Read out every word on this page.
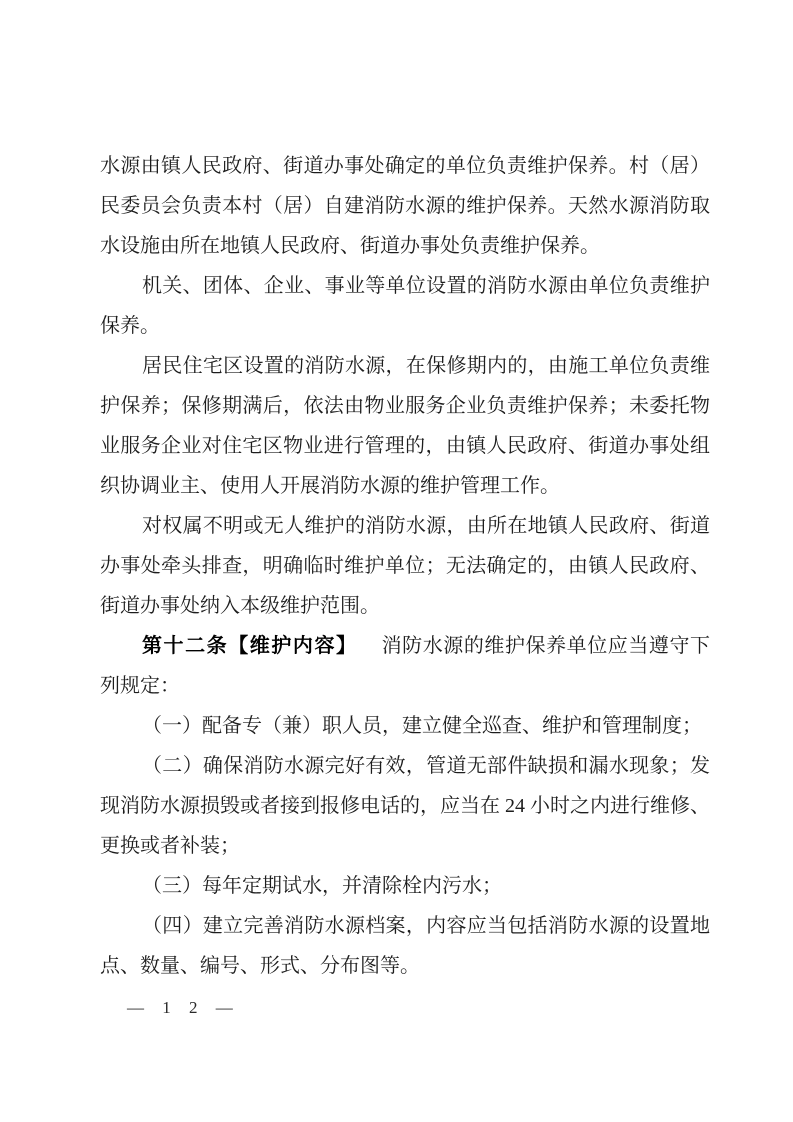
水源由镇人民政府、街道办事处确定的单位负责维护保养。村（居）民委员会负责本村（居）自建消防水源的维护保养。天然水源消防取水设施由所在地镇人民政府、街道办事处负责维护保养。

机关、团体、企业、事业等单位设置的消防水源由单位负责维护保养。

居民住宅区设置的消防水源，在保修期内的，由施工单位负责维护保养；保修期满后，依法由物业服务企业负责维护保养；未委托物业服务企业对住宅区物业进行管理的，由镇人民政府、街道办事处组织协调业主、使用人开展消防水源的维护管理工作。

对权属不明或无人维护的消防水源，由所在地镇人民政府、街道办事处牵头排查，明确临时维护单位；无法确定的，由镇人民政府、街道办事处纳入本级维护范围。

第十二条【维护内容】 消防水源的维护保养单位应当遵守下列规定：

（一）配备专（兼）职人员，建立健全巡查、维护和管理制度；

（二）确保消防水源完好有效，管道无部件缺损和漏水现象；发现消防水源损毁或者接到报修电话的，应当在 24 小时之内进行维修、更换或者补装；

（三）每年定期试水，并清除栓内污水；

（四）建立完善消防水源档案，内容应当包括消防水源的设置地点、数量、编号、形式、分布图等。

— 1 2 —
